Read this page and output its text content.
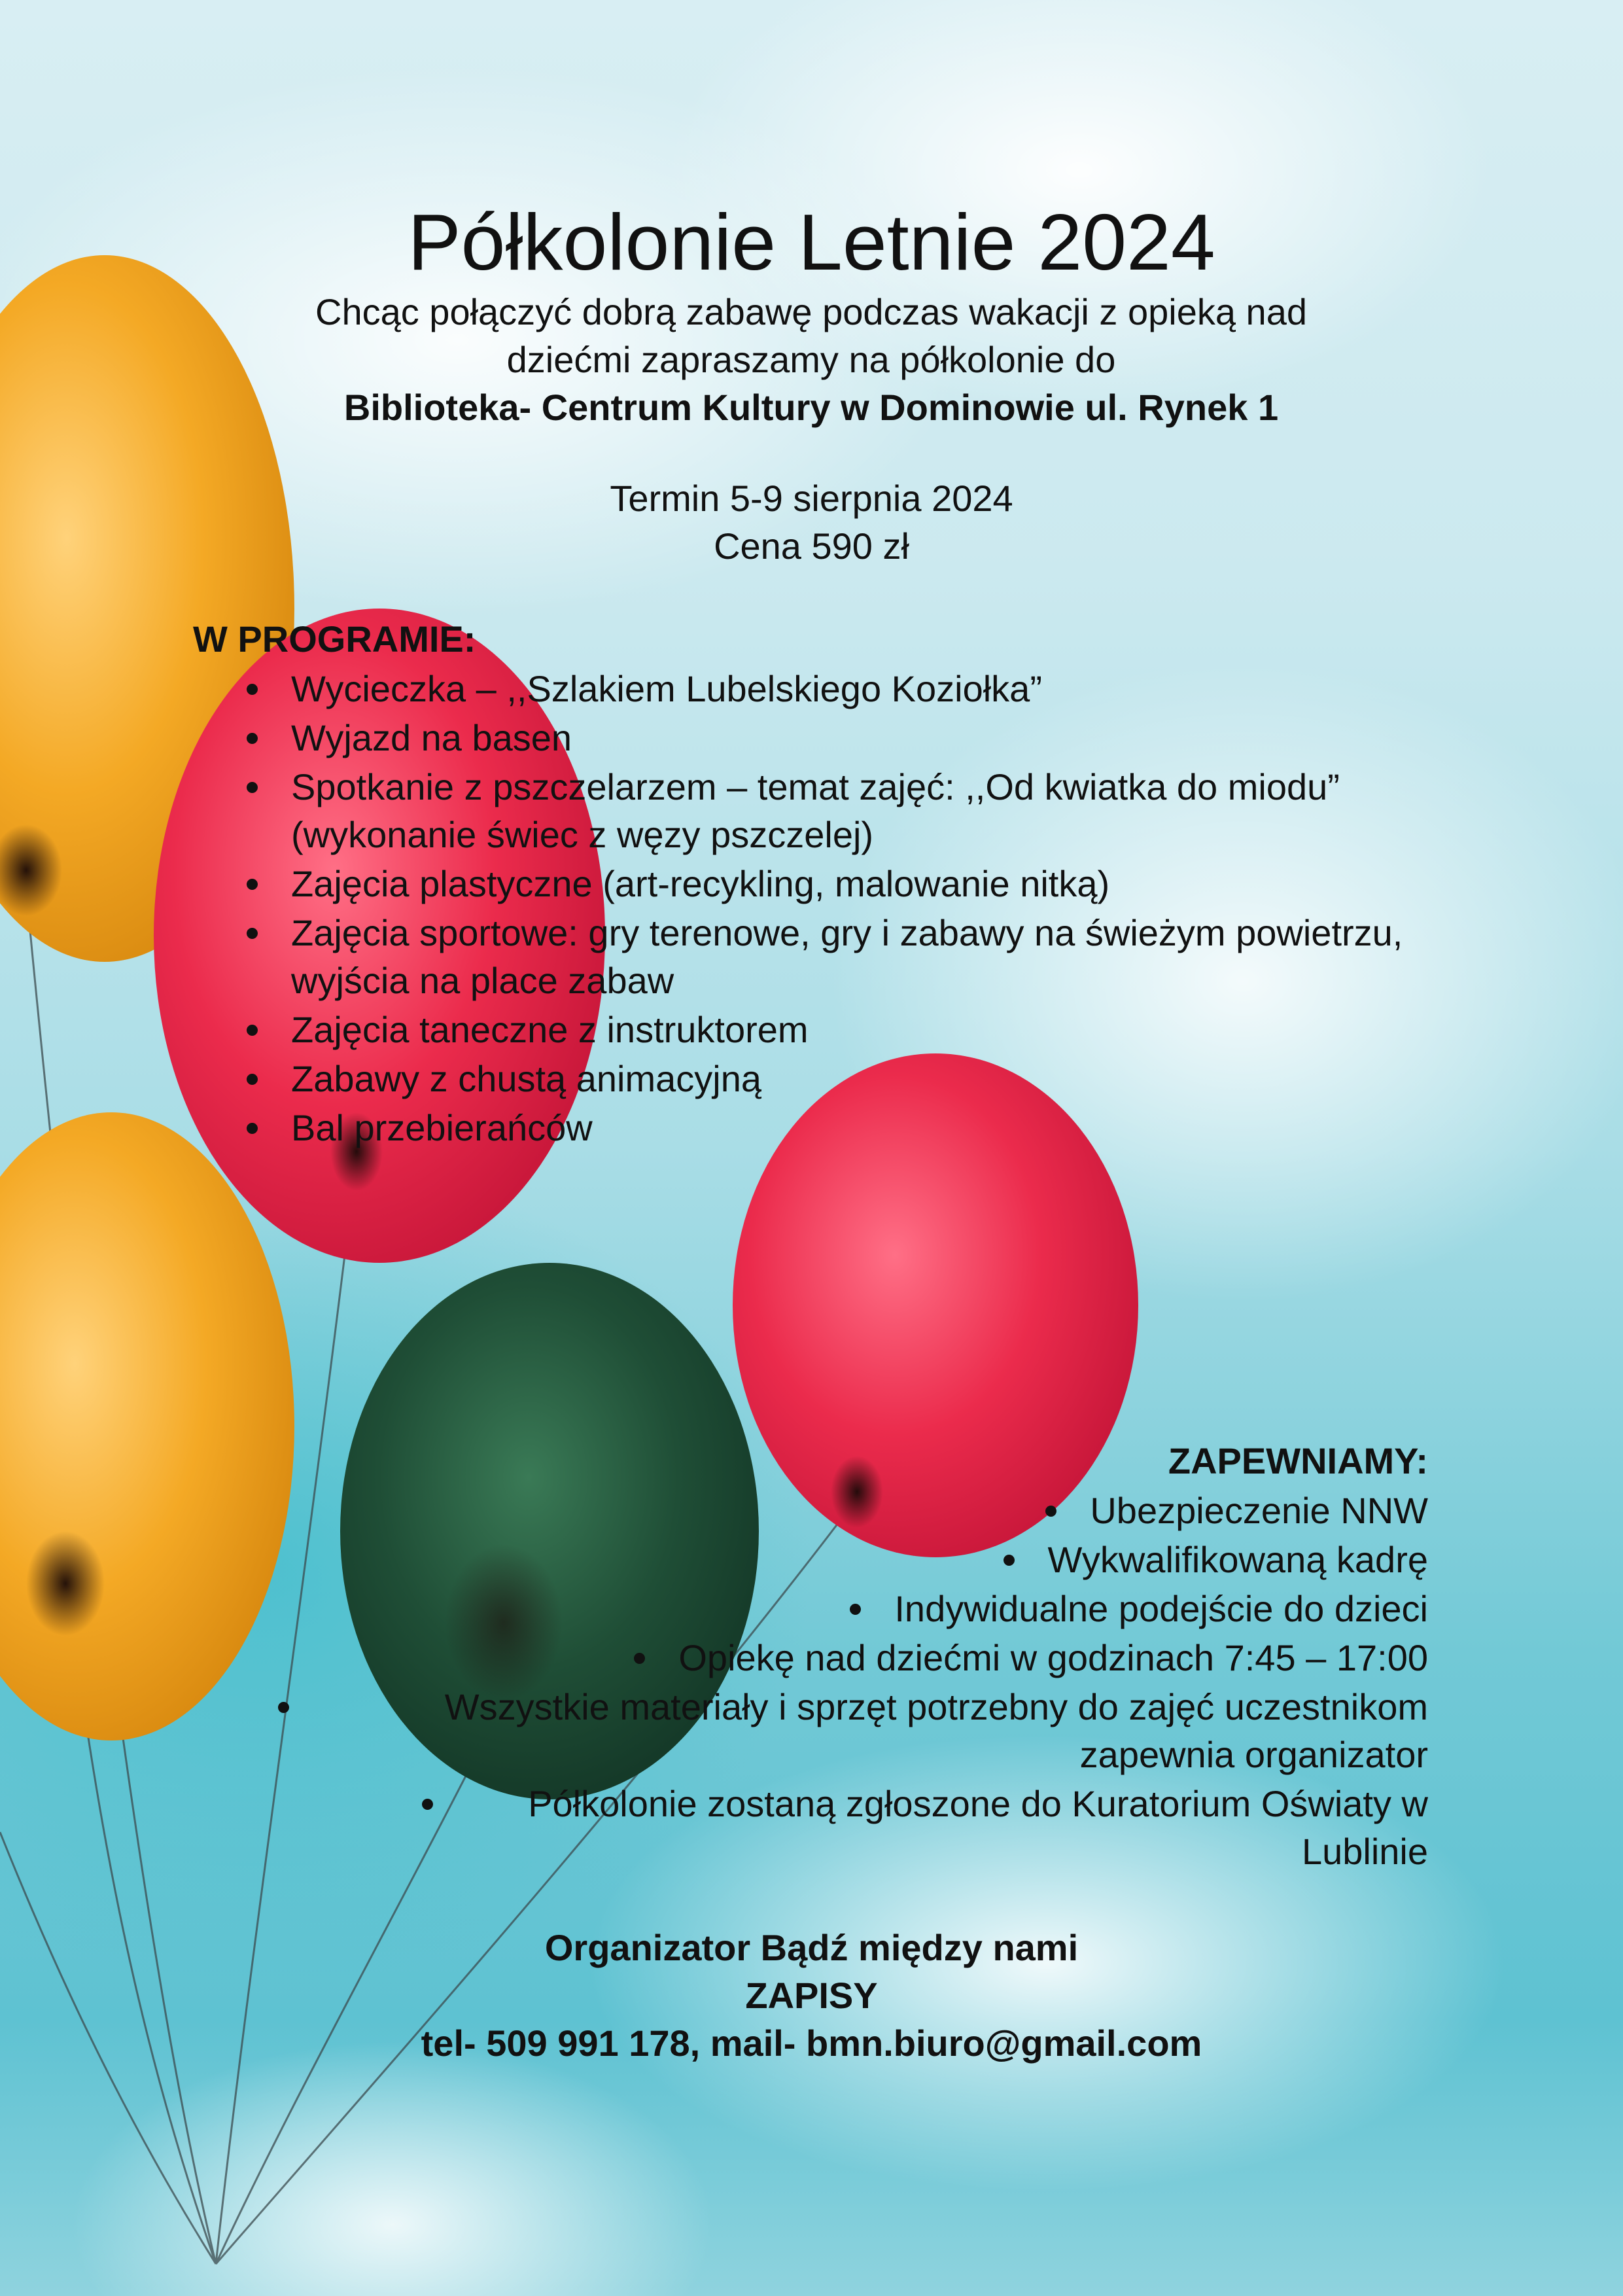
Półkolonie Letnie 2024
Chcąc połączyć dobrą zabawę podczas wakacji z opieką nad
dziećmi zapraszamy na półkolonie do
Biblioteka- Centrum Kultury w Dominowie ul. Rynek 1
Termin 5-9 sierpnia 2024
Cena 590 zł
W PROGRAMIE:
Wycieczka – ,,Szlakiem Lubelskiego Koziołka”
Wyjazd na basen
Spotkanie z pszczelarzem – temat zajęć: ,,Od kwiatka do miodu” (wykonanie świec z węzy pszczelej)
Zajęcia plastyczne (art-recykling, malowanie nitką)
Zajęcia sportowe: gry terenowe, gry i zabawy na świeżym powietrzu, wyjścia na place zabaw
Zajęcia taneczne z instruktorem
Zabawy z chustą animacyjną
Bal przebierańców
ZAPEWNIAMY:
Ubezpieczenie NNW
Wykwalifikowaną kadrę
Indywidualne podejście do dzieci
Opiekę nad dziećmi w godzinach 7:45 – 17:00
Wszystkie materiały i sprzęt potrzebny do zajęć uczestnikom zapewnia organizator
Półkolonie zostaną zgłoszone do Kuratorium Oświaty w Lublinie
Organizator Bądź między nami
ZAPISY
tel- 509 991 178, mail- bmn.biuro@gmail.com
